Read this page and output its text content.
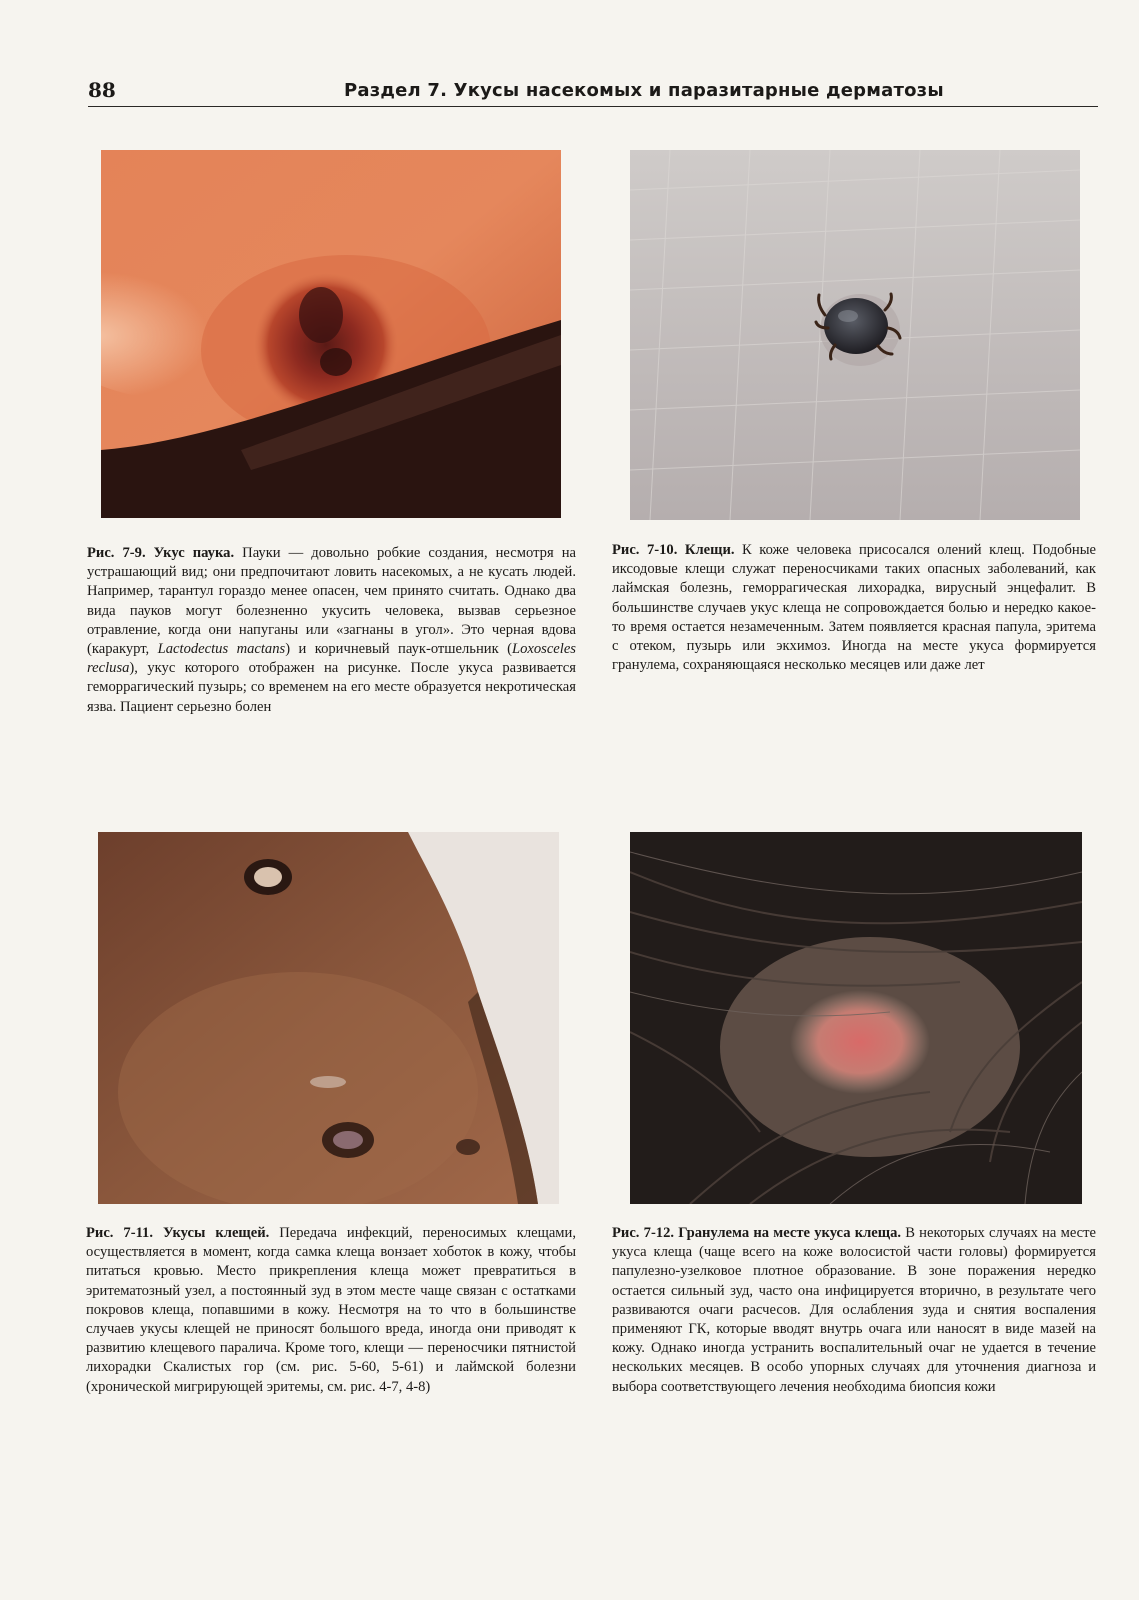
88	Раздел 7. Укусы насекомых и паразитарные дерматозы
Рис. 7-9. Укус паука. Пауки — довольно робкие создания, несмотря на устрашающий вид; они предпочитают ловить насекомых, а не кусать людей. Например, тарантул гораздо менее опасен, чем принято считать. Однако два вида пауков могут болезненно укусить человека, вызвав серьезное отравление, когда они напуганы или «загнаны в угол». Это черная вдова (каракурт, Lactodectus mactans) и коричневый паук-отшельник (Loxosceles reclusa), укус которого отображен на рисунке. После укуса развивается геморрагический пузырь; со временем на его месте образуется некротическая язва. Пациент серьезно болен
Рис. 7-10. Клещи. К коже человека присосался олений клещ. Подобные иксодовые клещи служат переносчиками таких опасных заболеваний, как лаймская болезнь, геморрагическая лихорадка, вирусный энцефалит. В большинстве случаев укус клеща не сопровождается болью и нередко какое-то время остается незамеченным. Затем появляется красная папула, эритема с отеком, пузырь или экхимоз. Иногда на месте укуса формируется гранулема, сохраняющаяся несколько месяцев или даже лет
Рис. 7-11. Укусы клещей. Передача инфекций, переносимых клещами, осуществляется в момент, когда самка клеща вонзает хоботок в кожу, чтобы питаться кровью. Место прикрепления клеща может превратиться в эритематозный узел, а постоянный зуд в этом месте чаще связан с остатками покровов клеща, попавшими в кожу. Несмотря на то что в большинстве случаев укусы клещей не приносят большого вреда, иногда они приводят к развитию клещевого паралича. Кроме того, клещи — переносчики пятнистой лихорадки Скалистых гор (см. рис. 5-60, 5-61) и лаймской болезни (хронической мигрирующей эритемы, см. рис. 4-7, 4-8)
Рис. 7-12. Гранулема на месте укуса клеща. В некоторых случаях на месте укуса клеща (чаще всего на коже волосистой части головы) формируется папулезно-узелковое плотное образование. В зоне поражения нередко остается сильный зуд, часто она инфицируется вторично, в результате чего развиваются очаги расчесов. Для ослабления зуда и снятия воспаления применяют ГК, которые вводят внутрь очага или наносят в виде мазей на кожу. Однако иногда устранить воспалительный очаг не удается в течение нескольких месяцев. В особо упорных случаях для уточнения диагноза и выбора соответствующего лечения необходима биопсия кожи
